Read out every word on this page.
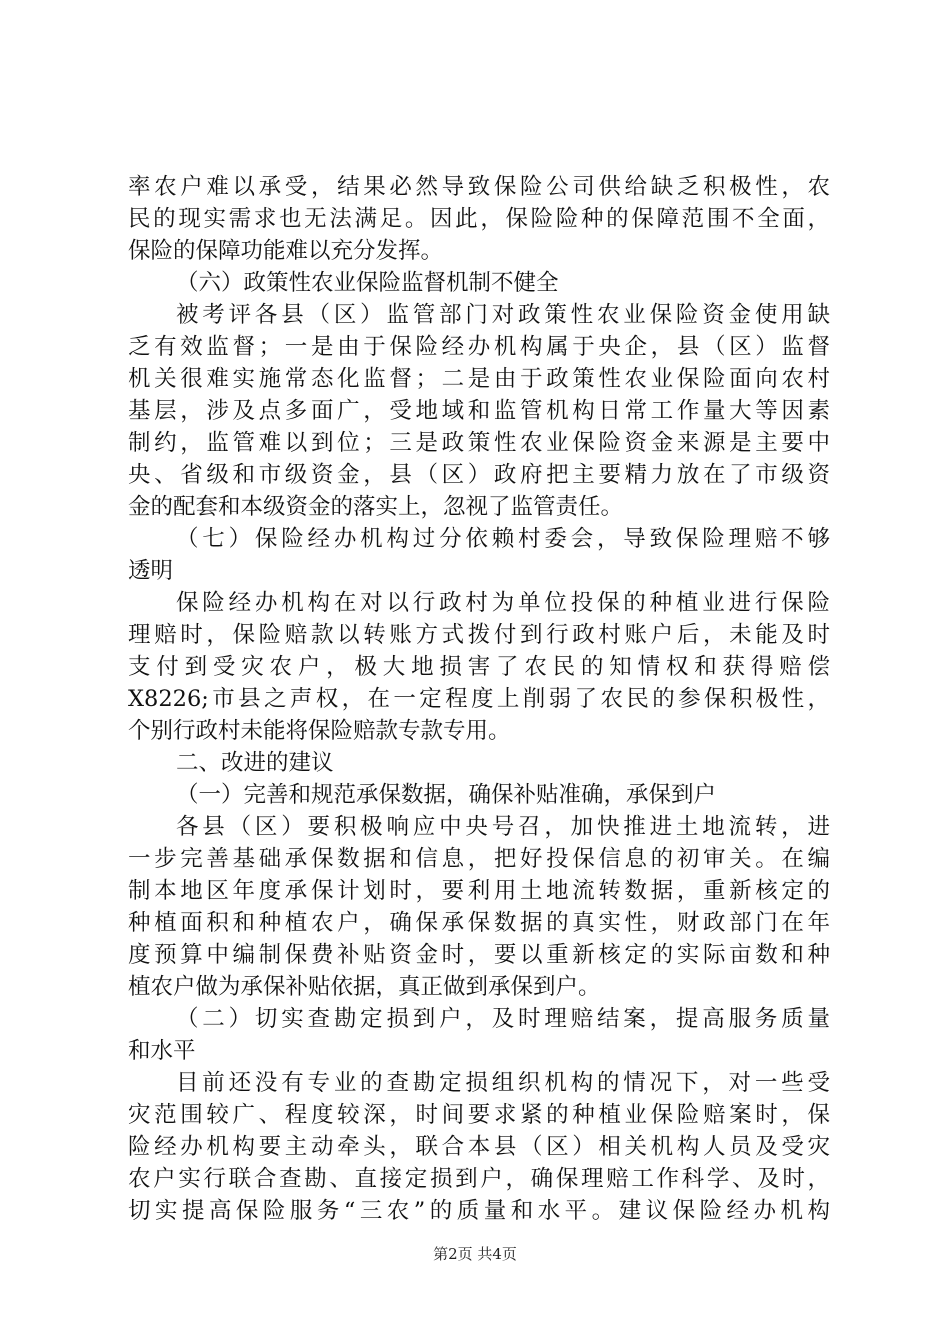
率农户难以承受，结果必然导致保险公司供给缺乏积极性，农
民的现实需求也无法满足。因此，保险险种的保障范围不全面，
保险的保障功能难以充分发挥。
（六）政策性农业保险监督机制不健全
被考评各县（区）监管部门对政策性农业保险资金使用缺
乏有效监督；一是由于保险经办机构属于央企，县（区）监督
机关很难实施常态化监督；二是由于政策性农业保险面向农村
基层，涉及点多面广，受地域和监管机构日常工作量大等因素
制约，监管难以到位；三是政策性农业保险资金来源是主要中
央、省级和市级资金，县（区）政府把主要精力放在了市级资
金的配套和本级资金的落实上，忽视了监管责任。
（七）保险经办机构过分依赖村委会，导致保险理赔不够
透明
保险经办机构在对以行政村为单位投保的种植业进行保险
理赔时，保险赔款以转账方式拨付到行政村账户后，未能及时
支付到受灾农户，极大地损害了农民的知情权和获得赔偿
X8226;市县之声权，在一定程度上削弱了农民的参保积极性，
个别行政村未能将保险赔款专款专用。
二、改进的建议
（一）完善和规范承保数据，确保补贴准确，承保到户
各县（区）要积极响应中央号召，加快推进土地流转，进
一步完善基础承保数据和信息，把好投保信息的初审关。在编
制本地区年度承保计划时，要利用土地流转数据，重新核定的
种植面积和种植农户，确保承保数据的真实性，财政部门在年
度预算中编制保费补贴资金时，要以重新核定的实际亩数和种
植农户做为承保补贴依据，真正做到承保到户。
（二）切实查勘定损到户，及时理赔结案，提高服务质量
和水平
目前还没有专业的查勘定损组织机构的情况下，对一些受
灾范围较广、程度较深，时间要求紧的种植业保险赔案时，保
险经办机构要主动牵头，联合本县（区）相关机构人员及受灾
农户实行联合查勘、直接定损到户，确保理赔工作科学、及时，
切实提高保险服务“三农”的质量和水平。建议保险经办机构
第2页 共4页
